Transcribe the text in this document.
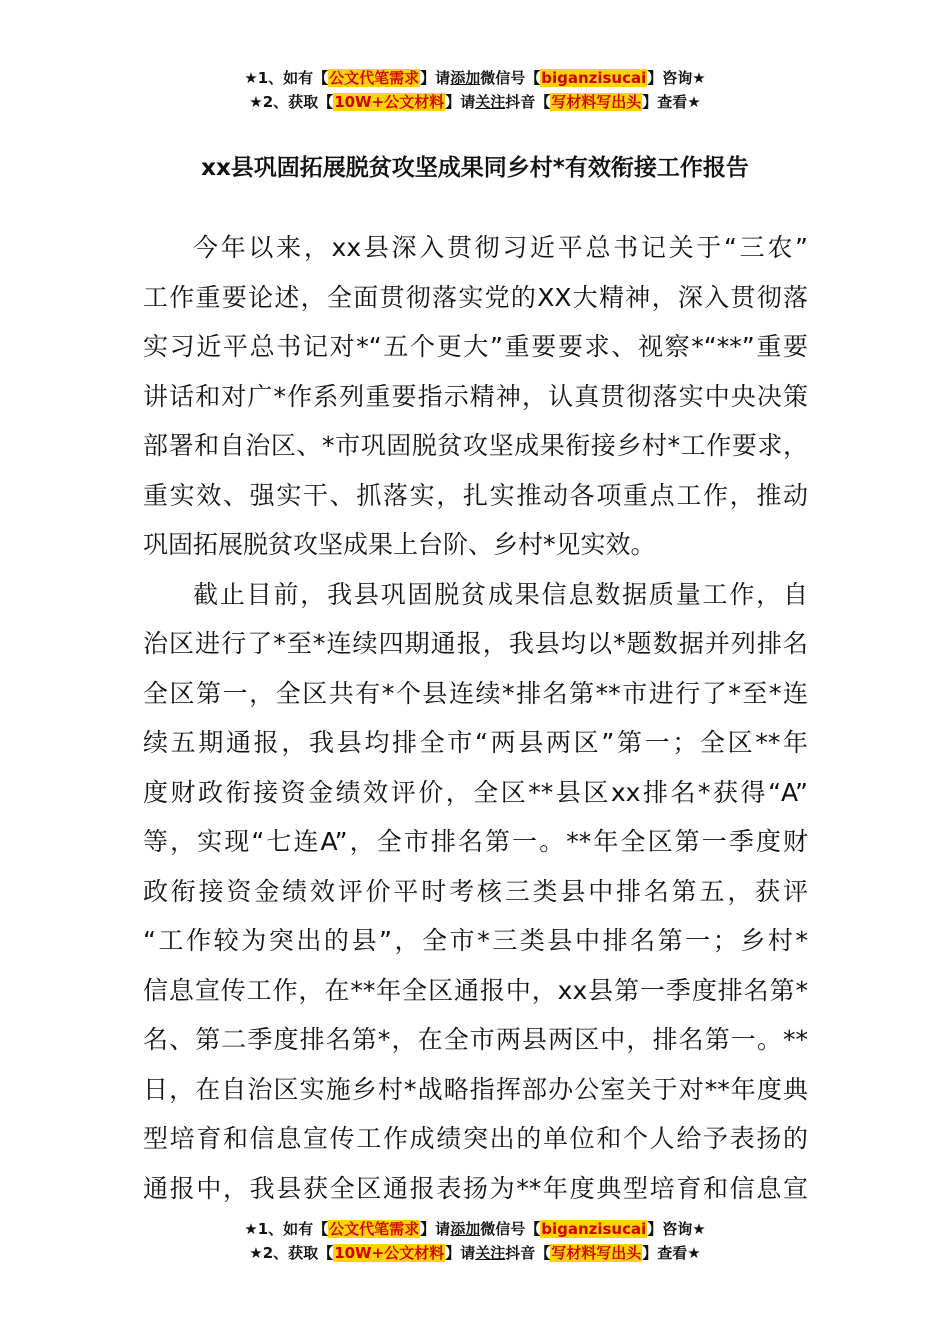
★1、如有【公文代笔需求】请添加微信号【biganzisucai】咨询★
★2、获取【10W+公文材料】请关注抖音【写材料写出头】查看★
xx县巩固拓展脱贫攻坚成果同乡村*有效衔接工作报告

今年以来，xx县深入贯彻习近平总书记关于“三农”
工作重要论述，全面贯彻落实党的XX大精神，深入贯彻落
实习近平总书记对*“五个更大”重要要求、视察*“**”重要
讲话和对广*作系列重要指示精神，认真贯彻落实中央决策
部署和自治区、*市巩固脱贫攻坚成果衔接乡村*工作要求，
重实效、强实干、抓落实，扎实推动各项重点工作，推动
巩固拓展脱贫攻坚成果上台阶、乡村*见实效。

截止目前，我县巩固脱贫成果信息数据质量工作，自
治区进行了*至*连续四期通报，我县均以*题数据并列排名
全区第一，全区共有*个县连续*排名第**市进行了*至*连
续五期通报，我县均排全市“两县两区”第一；全区**年
度财政衔接资金绩效评价，全区**县区xx排名*获得“A”
等，实现“七连A”，全市排名第一。**年全区第一季度财
政衔接资金绩效评价平时考核三类县中排名第五，获评
“工作较为突出的县”，全市*三类县中排名第一；乡村*
信息宣传工作，在**年全区通报中，xx县第一季度排名第*
名、第二季度排名第*，在全市两县两区中，排名第一。**
日，在自治区实施乡村*战略指挥部办公室关于对**年度典
型培育和信息宣传工作成绩突出的单位和个人给予表扬的
通报中，我县获全区通报表扬为**年度典型培育和信息宣

★1、如有【公文代笔需求】请添加微信号【biganzisucai】咨询★
★2、获取【10W+公文材料】请关注抖音【写材料写出头】查看★
